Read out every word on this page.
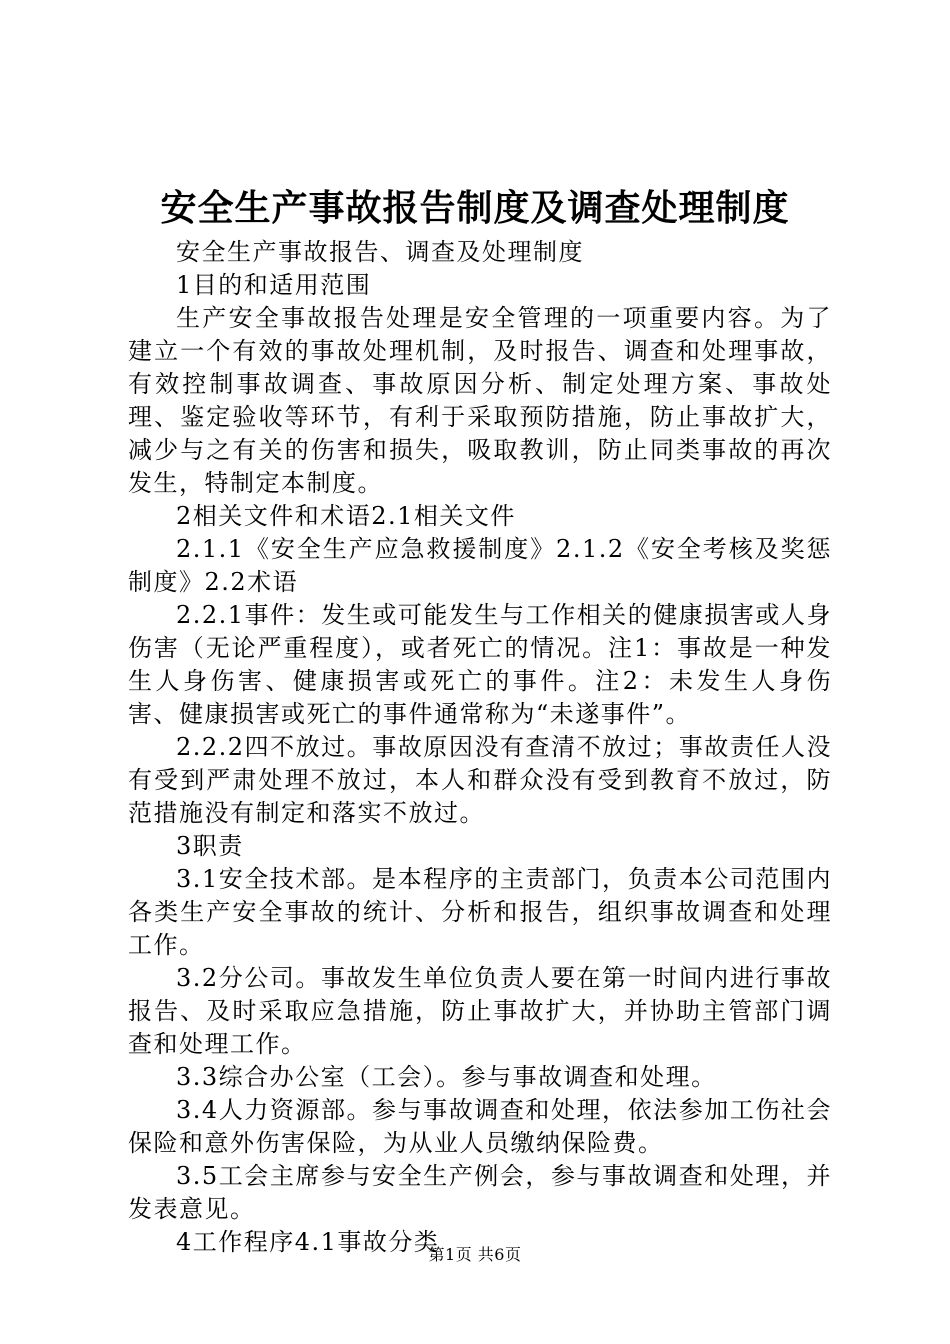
安全生产事故报告制度及调查处理制度

安全生产事故报告、调查及处理制度

1目的和适用范围

生产安全事故报告处理是安全管理的一项重要内容。为了建立一个有效的事故处理机制，及时报告、调查和处理事故，有效控制事故调查、事故原因分析、制定处理方案、事故处理、鉴定验收等环节，有利于采取预防措施，防止事故扩大，减少与之有关的伤害和损失，吸取教训，防止同类事故的再次发生，特制定本制度。

2相关文件和术语2.1相关文件

2.1.1《安全生产应急救援制度》2.1.2《安全考核及奖惩制度》2.2术语

2.2.1事件：发生或可能发生与工作相关的健康损害或人身伤害（无论严重程度），或者死亡的情况。注1：事故是一种发生人身伤害、健康损害或死亡的事件。注2：未发生人身伤害、健康损害或死亡的事件通常称为“未遂事件”。

2.2.2四不放过。事故原因没有查清不放过；事故责任人没有受到严肃处理不放过，本人和群众没有受到教育不放过，防范措施没有制定和落实不放过。

3职责

3.1安全技术部。是本程序的主责部门，负责本公司范围内各类生产安全事故的统计、分析和报告，组织事故调查和处理工作。

3.2分公司。事故发生单位负责人要在第一时间内进行事故报告、及时采取应急措施，防止事故扩大，并协助主管部门调查和处理工作。

3.3综合办公室（工会）。参与事故调查和处理。

3.4人力资源部。参与事故调查和处理，依法参加工伤社会保险和意外伤害保险，为从业人员缴纳保险费。

3.5工会主席参与安全生产例会，参与事故调查和处理，并发表意见。

4工作程序4.1事故分类

第1页 共6页
